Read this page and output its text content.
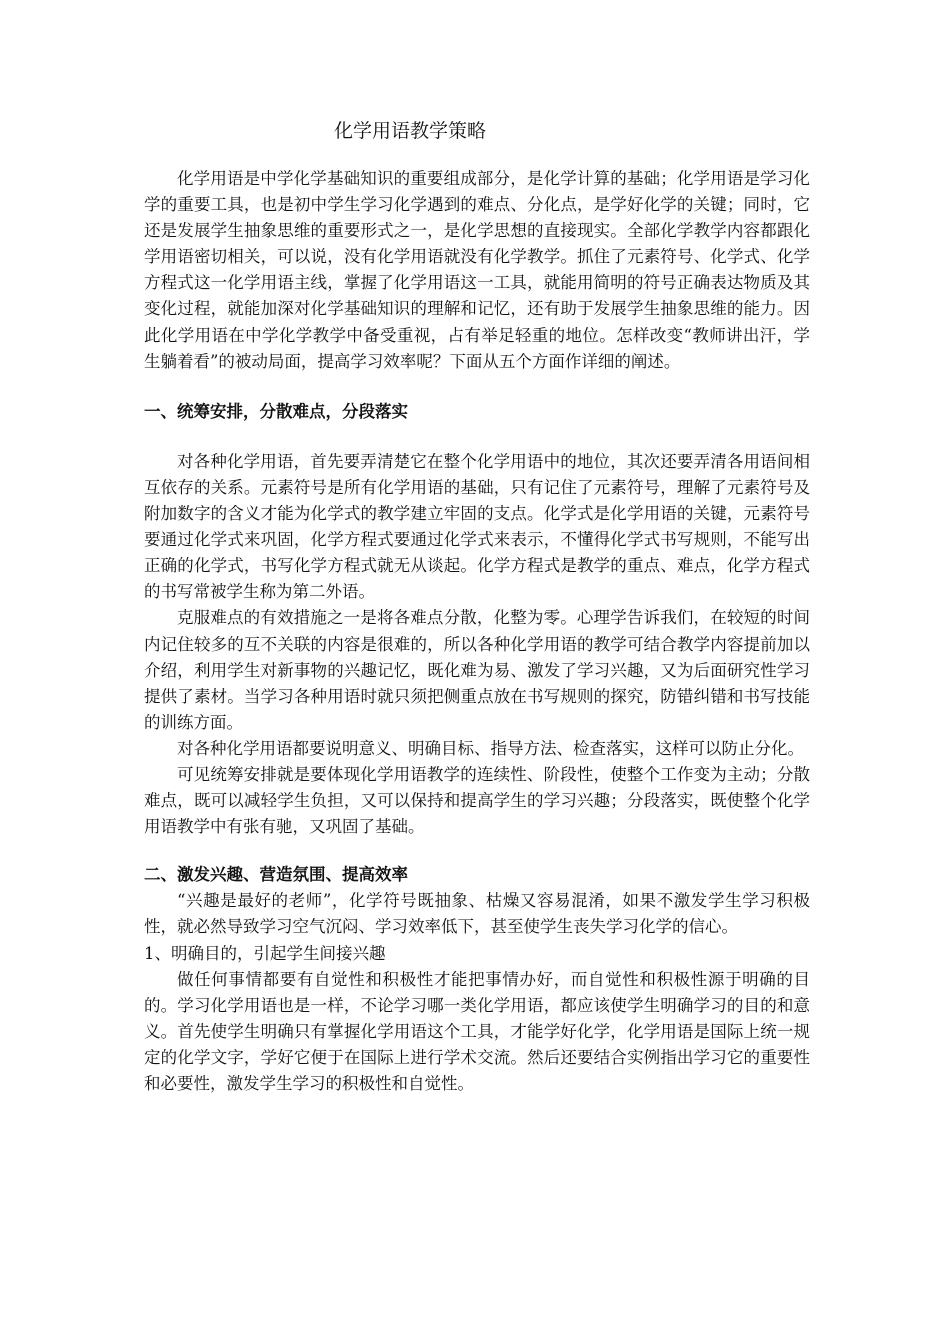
化学用语教学策略

化学用语是中学化学基础知识的重要组成部分，是化学计算的基础；化学用语是学习化学的重要工具，也是初中学生学习化学遇到的难点、分化点，是学好化学的关键；同时，它还是发展学生抽象思维的重要形式之一，是化学思想的直接现实。全部化学教学内容都跟化学用语密切相关，可以说，没有化学用语就没有化学教学。抓住了元素符号、化学式、化学方程式这一化学用语主线，掌握了化学用语这一工具，就能用简明的符号正确表达物质及其变化过程，就能加深对化学基础知识的理解和记忆，还有助于发展学生抽象思维的能力。因此化学用语在中学化学教学中备受重视，占有举足轻重的地位。怎样改变“教师讲出汗，学生躺着看”的被动局面，提高学习效率呢？下面从五个方面作详细的阐述。

一、统筹安排，分散难点，分段落实

对各种化学用语，首先要弄清楚它在整个化学用语中的地位，其次还要弄清各用语间相互依存的关系。元素符号是所有化学用语的基础，只有记住了元素符号，理解了元素符号及附加数字的含义才能为化学式的教学建立牢固的支点。化学式是化学用语的关键，元素符号要通过化学式来巩固，化学方程式要通过化学式来表示，不懂得化学式书写规则，不能写出正确的化学式，书写化学方程式就无从谈起。化学方程式是教学的重点、难点，化学方程式的书写常被学生称为第二外语。

克服难点的有效措施之一是将各难点分散，化整为零。心理学告诉我们，在较短的时间内记住较多的互不关联的内容是很难的，所以各种化学用语的教学可结合教学内容提前加以介绍，利用学生对新事物的兴趣记忆，既化难为易、激发了学习兴趣，又为后面研究性学习提供了素材。当学习各种用语时就只须把侧重点放在书写规则的探究，防错纠错和书写技能的训练方面。

对各种化学用语都要说明意义、明确目标、指导方法、检查落实，这样可以防止分化。

可见统筹安排就是要体现化学用语教学的连续性、阶段性，使整个工作变为主动；分散难点，既可以减轻学生负担，又可以保持和提高学生的学习兴趣；分段落实，既使整个化学用语教学中有张有驰，又巩固了基础。

二、激发兴趣、营造氛围、提高效率

“兴趣是最好的老师”，化学符号既抽象、枯燥又容易混淆，如果不激发学生学习积极性，就必然导致学习空气沉闷、学习效率低下，甚至使学生丧失学习化学的信心。

1、明确目的，引起学生间接兴趣

做任何事情都要有自觉性和积极性才能把事情办好，而自觉性和积极性源于明确的目的。学习化学用语也是一样，不论学习哪一类化学用语，都应该使学生明确学习的目的和意义。首先使学生明确只有掌握化学用语这个工具，才能学好化学，化学用语是国际上统一规定的化学文字，学好它便于在国际上进行学术交流。然后还要结合实例指出学习它的重要性和必要性，激发学生学习的积极性和自觉性。
